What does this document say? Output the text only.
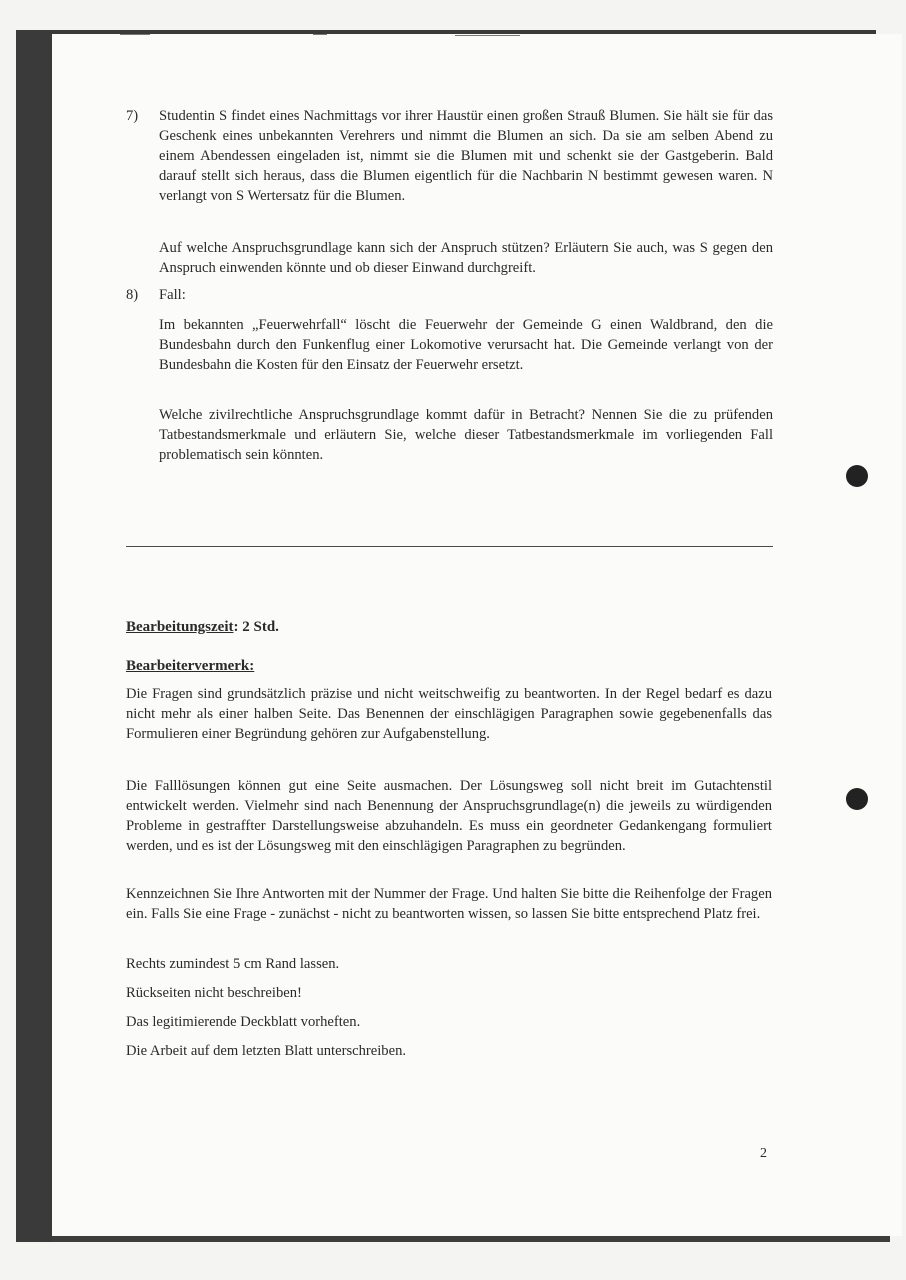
7) Studentin S findet eines Nachmittags vor ihrer Haustür einen großen Strauß Blumen. Sie hält sie für das Geschenk eines unbekannten Verehrers und nimmt die Blumen an sich. Da sie am selben Abend zu einem Abendessen eingeladen ist, nimmt sie die Blumen mit und schenkt sie der Gastgeberin. Bald darauf stellt sich heraus, dass die Blumen eigentlich für die Nachbarin N bestimmt gewesen waren. N verlangt von S Wertersatz für die Blumen.

Auf welche Anspruchsgrundlage kann sich der Anspruch stützen? Erläutern Sie auch, was S gegen den Anspruch einwenden könnte und ob dieser Einwand durchgreift.

8) Fall:

Im bekannten „Feuerwehrfall“ löscht die Feuerwehr der Gemeinde G einen Waldbrand, den die Bundesbahn durch den Funkenflug einer Lokomotive verursacht hat. Die Gemeinde verlangt von der Bundesbahn die Kosten für den Einsatz der Feuerwehr ersetzt.

Welche zivilrechtliche Anspruchsgrundlage kommt dafür in Betracht? Nennen Sie die zu prüfenden Tatbestandsmerkmale und erläutern Sie, welche dieser Tatbestandsmerkmale im vorliegenden Fall problematisch sein könnten.

Bearbeitungszeit: 2 Std.
Bearbeitervermerk:

Die Fragen sind grundsätzlich präzise und nicht weitschweifig zu beantworten. In der Regel bedarf es dazu nicht mehr als einer halben Seite. Das Benennen der einschlägigen Paragraphen sowie gegebenenfalls das Formulieren einer Begründung gehören zur Aufgabenstellung.

Die Falllösungen können gut eine Seite ausmachen. Der Lösungsweg soll nicht breit im Gutachtenstil entwickelt werden. Vielmehr sind nach Benennung der Anspruchsgrundlage(n) die jeweils zu würdigenden Probleme in gestraffter Darstellungsweise abzuhandeln. Es muss ein geordneter Gedankengang formuliert werden, und es ist der Lösungsweg mit den einschlägigen Paragraphen zu begründen.

Kennzeichnen Sie Ihre Antworten mit der Nummer der Frage. Und halten Sie bitte die Reihenfolge der Fragen ein. Falls Sie eine Frage - zunächst - nicht zu beantworten wissen, so lassen Sie bitte entsprechend Platz frei.

Rechts zumindest 5 cm Rand lassen.

Rückseiten nicht beschreiben!

Das legitimierende Deckblatt vorheften.

Die Arbeit auf dem letzten Blatt unterschreiben.

2
